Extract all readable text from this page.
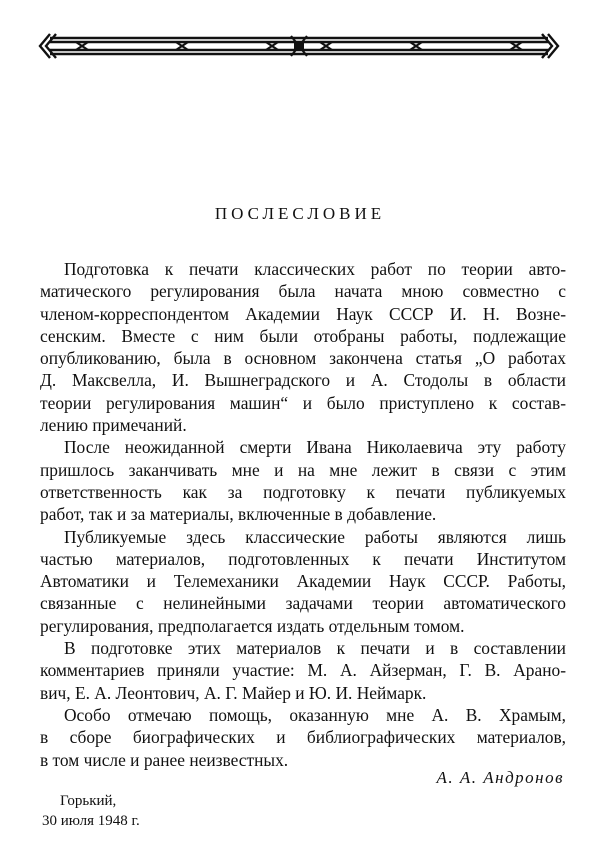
ПОСЛЕСЛОВИЕ

Подготовка к печати классических работ по теории авто-
матического регулирования была начата мною совместно с
членом-корреспондентом Академии Наук СССР И. Н. Возне-
сенским. Вместе с ним были отобраны работы, подлежащие
опубликованию, была в основном закончена статья „О работах
Д. Максвелла, И. Вышнеградского и А. Стодолы в области
теории регулирования машин“ и было приступлено к состав-
лению примечаний.

После неожиданной смерти Ивана Николаевича эту работу
пришлось заканчивать мне и на мне лежит в связи с этим
ответственность как за подготовку к печати публикуемых
работ, так и за материалы, включенные в добавление.

Публикуемые здесь классические работы являются лишь
частью материалов, подготовленных к печати Институтом
Автоматики и Телемеханики Академии Наук СССР. Работы,
связанные с нелинейными задачами теории автоматического
регулирования, предполагается издать отдельным томом.

В подготовке этих материалов к печати и в составлении
комментариев приняли участие: М. А. Айзерман, Г. В. Арано-
вич, Е. А. Леонтович, А. Г. Майер и Ю. И. Неймарк.

Особо отмечаю помощь, оказанную мне А. В. Храмым,
в сборе биографических и библиографических материалов,
в том числе и ранее неизвестных.

А. А. Андронов
Горький,
30 июля 1948 г.
